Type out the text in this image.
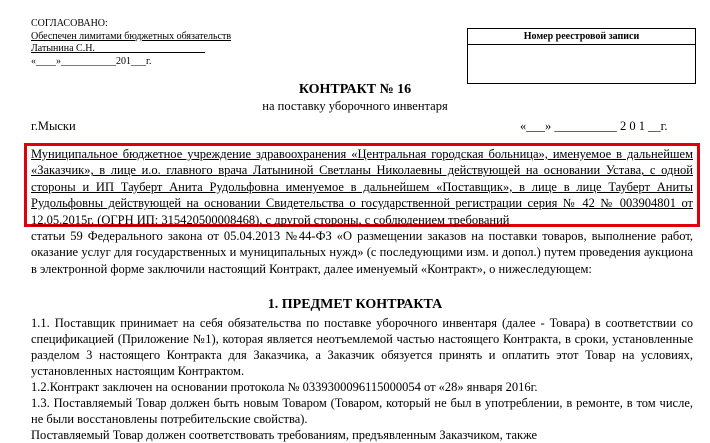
СОГЛАСОВАНО:
Обеспечен лимитами бюджетных обязательств
Латынина С.Н.______________________
«____»___________201___г.
Номер реестровой записи
КОНТРАКТ № 16
на поставку уборочного инвентаря
г.Мыски	«___» __________ 2 0 1 __г.

Муниципальное бюджетное учреждение здравоохранения «Центральная городская больница», именуемое в дальнейшем «Заказчик», в лице и.о. главного врача Латыниной Светланы Николаевны действующей на основании Устава, с одной стороны и ИП Тауберт Анита Рудольфовна именуемое в дальнейшем «Поставщик», в лице в лице Тауберт Аниты Рудольфовны действующей на основании Свидетельства о государственной регистрации серия № 42 № 003904801 от 12.05.2015г. (ОГРН ИП: 315420500008468), с другой стороны, с соблюдением требований

статьи 59 Федерального закона от 05.04.2013 №44-ФЗ «О размещении заказов на поставки товаров, выполнение работ, оказание услуг для государственных и муниципальных нужд» (с последующими изм. и допол.) путем проведения аукциона в электронной форме заключили настоящий Контракт, далее именуемый «Контракт», о нижеследующем:

1. ПРЕДМЕТ КОНТРАКТА

1.1. Поставщик принимает на себя обязательства по поставке уборочного инвентаря (далее - Товара) в соответствии со спецификацией (Приложение №1), которая является неотъемлемой частью настоящего Контракта, в сроки, установленные разделом 3 настоящего Контракта для Заказчика, а Заказчик обязуется принять и оплатить этот Товар на условиях, установленных настоящим Контрактом.

1.2.Контракт заключен на основании протокола № 0339300096115000054 от «28» января 2016г.

1.3. Поставляемый Товар должен быть новым Товаром (Товаром, который не был в употреблении, в ремонте, в том числе, не были восстановлены потребительские свойства).

Поставляемый Товар должен соответствовать требованиям, предъявленным Заказчиком, также
